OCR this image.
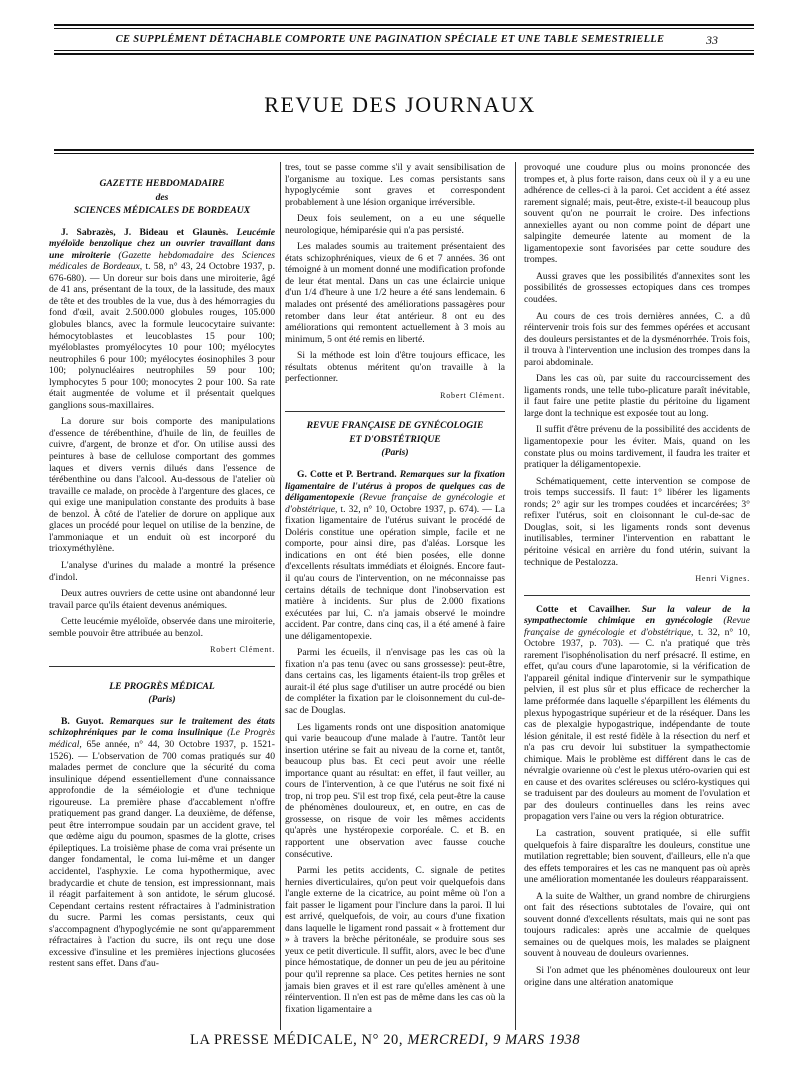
CE SUPPLÉMENT DÉTACHABLE COMPORTE UNE PAGINATION SPÉCIALE ET UNE TABLE SEMESTRIELLE	33
REVUE DES JOURNAUX
GAZETTE HEBDOMADAIRE
des
SCIENCES MÉDICALES DE BORDEAUX

J. Sabrazès, J. Bideau et Glaunès. Leucémie myéloïde benzolique chez un ouvrier travaillant dans une miroiterie (Gazette hebdomadaire des Sciences médicales de Bordeaux, t. 58, n° 43, 24 Octobre 1937, p. 676-680). — Un doreur sur bois dans une miroiterie, âgé de 41 ans, présentant de la toux, de la lassitude, des maux de tête et des troubles de la vue, dus à des hémorragies du fond d'œil, avait 2.500.000 globules rouges, 105.000 globules blancs, avec la formule leucocytaire suivante: hémocytoblastes et leucoblastes 15 pour 100; myéloblastes promyélocytes 10 pour 100; myélocytes neutrophiles 6 pour 100; myélocytes éosinophiles 3 pour 100; polynucléaires neutrophiles 59 pour 100; lymphocytes 5 pour 100; monocytes 2 pour 100. Sa rate était augmentée de volume et il présentait quelques ganglions sous-maxillaires.

La dorure sur bois comporte des manipulations d'essence de térébenthine, d'huile de lin, de feuilles de cuivre, d'argent, de bronze et d'or. On utilise aussi des peintures à base de cellulose comportant des gommes laques et divers vernis dilués dans l'essence de térébenthine ou dans l'alcool. Au-dessous de l'atelier où travaille ce malade, on procède à l'argenture des glaces, ce qui exige une manipulation constante des produits à base de benzol. À côté de l'atelier de dorure on applique aux glaces un procédé pour lequel on utilise de la benzine, de l'ammoniaque et un enduit où est incorporé du trioxyméthylène.

L'analyse d'urines du malade a montré la présence d'indol.

Deux autres ouvriers de cette usine ont abandonné leur travail parce qu'ils étaient devenus anémiques.

Cette leucémie myéloïde, observée dans une miroiterie, semble pouvoir être attribuée au benzol.

Robert Clément.
LE PROGRÈS MÉDICAL
(Paris)

B. Guyot. Remarques sur le traitement des états schizophréniques par le coma insulinique (Le Progrès médical, 65e année, n° 44, 30 Octobre 1937, p. 1521-1526). — L'observation de 700 comas pratiqués sur 40 malades permet de conclure que la sécurité du coma insulinique dépend essentiellement d'une connaissance approfondie de la séméiologie et d'une technique rigoureuse. La première phase d'accablement n'offre pratiquement pas grand danger. La deuxième, de défense, peut être interrompue soudain par un accident grave, tel que œdème aigu du poumon, spasmes de la glotte, crises épileptiques. La troisième phase de coma vrai présente un danger fondamental, le coma lui-même et un danger accidentel, l'asphyxie. Le coma hypothermique, avec bradycardie et chute de tension, est impressionnant, mais il réagit parfaitement à son antidote, le sérum glucosé. Cependant certains restent réfractaires à l'administration du sucre. Parmi les comas persistants, ceux qui s'accompagnent d'hypoglycémie ne sont qu'apparemment réfractaires à l'action du sucre, ils ont reçu une dose excessive d'insuline et les premières injections glucosées restent sans effet. Dans d'au-

tres, tout se passe comme s'il y avait sensibilisation de l'organisme au toxique. Les comas persistants sans hypoglycémie sont graves et correspondent probablement à une lésion organique irréversible.

Deux fois seulement, on a eu une séquelle neurologique, hémiparésie qui n'a pas persisté.

Les malades soumis au traitement présentaient des états schizophréniques, vieux de 6 et 7 années. 36 ont témoigné à un moment donné une modification profonde de leur état mental. Dans un cas une éclaircie unique d'un 1/4 d'heure à une 1/2 heure a été sans lendemain. 6 malades ont présenté des améliorations passagères pour retomber dans leur état antérieur. 8 ont eu des améliorations qui remontent actuellement à 3 mois au minimum, 5 ont été remis en liberté.

Si la méthode est loin d'être toujours efficace, les résultats obtenus méritent qu'on travaille à la perfectionner.

Robert Clément.
REVUE FRANÇAISE DE GYNÉCOLOGIE
ET D'OBSTÉTRIQUE
(Paris)

G. Cotte et P. Bertrand. Remarques sur la fixation ligamentaire de l'utérus à propos de quelques cas de déligamentopexie (Revue française de gynécologie et d'obstétrique, t. 32, n° 10, Octobre 1937, p. 674). — La fixation ligamentaire de l'utérus suivant le procédé de Doléris constitue une opération simple, facile et ne comporte, pour ainsi dire, pas d'aléas. Lorsque les indications en ont été bien posées, elle donne d'excellents résultats immédiats et éloignés. Encore faut-il qu'au cours de l'intervention, on ne méconnaisse pas certains détails de technique dont l'inobservation est matière à incidents. Sur plus de 2.000 fixations exécutées par lui, C. n'a jamais observé le moindre accident. Par contre, dans cinq cas, il a été amené à faire une déligamentopexie.

Parmi les écueils, il n'envisage pas les cas où la fixation n'a pas tenu (avec ou sans grossesse): peut-être, dans certains cas, les ligaments étaient-ils trop grêles et aurait-il été plus sage d'utiliser un autre procédé ou bien de compléter la fixation par le cloisonnement du cul-de-sac de Douglas.

Les ligaments ronds ont une disposition anatomique qui varie beaucoup d'une malade à l'autre. Tantôt leur insertion utérine se fait au niveau de la corne et, tantôt, beaucoup plus bas. Et ceci peut avoir une réelle importance quant au résultat: en effet, il faut veiller, au cours de l'intervention, à ce que l'utérus ne soit fixé ni trop, ni trop peu. S'il est trop fixé, cela peut-être la cause de phénomènes douloureux, et, en outre, en cas de grossesse, on risque de voir les mêmes accidents qu'après une hystéropexie corporéale. C. et B. en rapportent une observation avec fausse couche consécutive.

Parmi les petits accidents, C. signale de petites hernies diverticulaires, qu'on peut voir quelquefois dans l'angle externe de la cicatrice, au point même où l'on a fait passer le ligament pour l'inclure dans la paroi. Il lui est arrivé, quelquefois, de voir, au cours d'une fixation dans laquelle le ligament rond passait « à frottement dur » à travers la brèche péritonéale, se produire sous ses yeux ce petit diverticule. Il suffit, alors, avec le bec d'une pince hémostatique, de donner un peu de jeu au péritoine pour qu'il reprenne sa place. Ces petites hernies ne sont jamais bien graves et il est rare qu'elles amènent à une réintervention. Il n'en est pas de même dans les cas où la fixation ligamentaire a

provoqué une coudure plus ou moins prononcée des trompes et, à plus forte raison, dans ceux où il y a eu une adhérence de celles-ci à la paroi. Cet accident a été assez rarement signalé; mais, peut-être, existe-t-il beaucoup plus souvent qu'on ne pourrait le croire. Des infections annexielles ayant ou non comme point de départ une salpingite demeurée latente au moment de la ligamentopexie sont favorisées par cette soudure des trompes.

Aussi graves que les possibilités d'annexites sont les possibilités de grossesses ectopiques dans ces trompes coudées.

Au cours de ces trois dernières années, C. a dû réintervenir trois fois sur des femmes opérées et accusant des douleurs persistantes et de la dysménorrhée. Trois fois, il trouva à l'intervention une inclusion des trompes dans la paroi abdominale.

Dans les cas où, par suite du raccourcissement des ligaments ronds, une telle tubo-plicature paraît inévitable, il faut faire une petite plastie du péritoine du ligament large dont la technique est exposée tout au long.

Il suffit d'être prévenu de la possibilité des accidents de ligamentopexie pour les éviter. Mais, quand on les constate plus ou moins tardivement, il faudra les traiter et pratiquer la déligamentopexie.

Schématiquement, cette intervention se compose de trois temps successifs. Il faut: 1° libérer les ligaments ronds; 2° agir sur les trompes coudées et incarcérées; 3° refixer l'utérus, soit en cloisonnant le cul-de-sac de Douglas, soit, si les ligaments ronds sont devenus inutilisables, terminer l'intervention en rabattant le péritoine vésical en arrière du fond utérin, suivant la technique de Pestalozza.

Henri Vignes.

Cotte et Cavailher. Sur la valeur de la sympathectomie chimique en gynécologie (Revue française de gynécologie et d'obstétrique, t. 32, n° 10, Octobre 1937, p. 703). — C. n'a pratiqué que très rarement l'isophénolisation du nerf présacré. Il estime, en effet, qu'au cours d'une laparotomie, si la vérification de l'appareil génital indique d'intervenir sur le sympathique pelvien, il est plus sûr et plus efficace de rechercher la lame préformée dans laquelle s'éparpillent les éléments du plexus hypogastrique supérieur et de la réséquer. Dans les cas de plexalgie hypogastrique, indépendante de toute lésion génitale, il est resté fidèle à la résection du nerf et n'a pas cru devoir lui substituer la sympathectomie chimique. Mais le problème est différent dans le cas de névralgie ovarienne où c'est le plexus utéro-ovarien qui est en cause et des ovarites scléreuses ou scléro-kystiques qui se traduisent par des douleurs au moment de l'ovulation et par des douleurs continuelles dans les reins avec propagation vers l'aine ou vers la région obturatrice.

La castration, souvent pratiquée, si elle suffit quelquefois à faire disparaître les douleurs, constitue une mutilation regrettable; bien souvent, d'ailleurs, elle n'a que des effets temporaires et les cas ne manquent pas où après une amélioration momentanée les douleurs réapparaissent.

A la suite de Walther, un grand nombre de chirurgiens ont fait des résections subtotales de l'ovaire, qui ont souvent donné d'excellents résultats, mais qui ne sont pas toujours radicales: après une accalmie de quelques semaines ou de quelques mois, les malades se plaignent souvent à nouveau de douleurs ovariennes.

Si l'on admet que les phénomènes douloureux ont leur origine dans une altération anatomique

LA PRESSE MÉDICALE, N° 20, MERCREDI, 9 MARS 1938
